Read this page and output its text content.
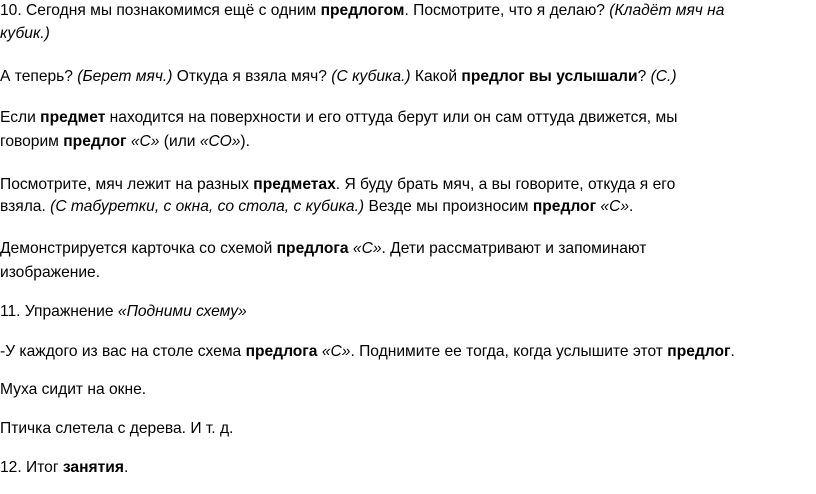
10. Сегодня мы познакомимся ещё с одним предлогом. Посмотрите, что я делаю? (Кладёт мяч на
кубик.)
А теперь? (Берет мяч.) Откуда я взяла мяч? (С кубика.) Какой предлог вы услышали? (С.)
Если предмет находится на поверхности и его оттуда берут или он сам оттуда движется, мы
говорим предлог «С» (или «СО»).
Посмотрите, мяч лежит на разных предметах. Я буду брать мяч, а вы говорите, откуда я его
взяла. (С табуретки, с окна, со стола, с кубика.) Везде мы произносим предлог «С».
Демонстрируется карточка со схемой предлога «С». Дети рассматривают и запоминают
изображение.
11. Упражнение «Подними схему»
-У каждого из вас на столе схема предлога «С». Поднимите ее тогда, когда услышите этот предлог.
Муха сидит на окне.
Птичка слетела с дерева. И т. д.
12. Итог занятия.
